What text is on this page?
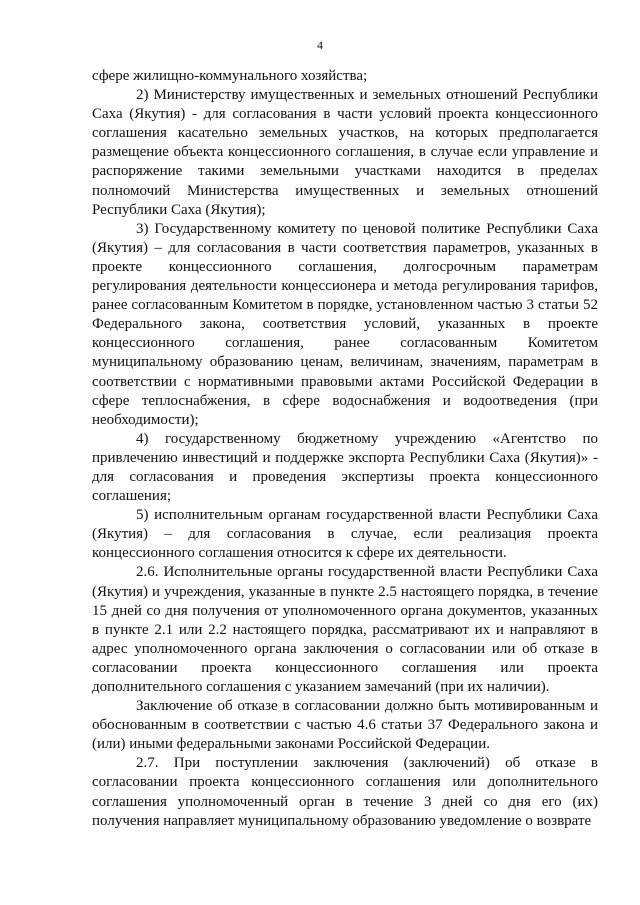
4

сфере жилищно-коммунального хозяйства;

2) Министерству имущественных и земельных отношений Республики Саха (Якутия) - для согласования в части условий проекта концессионного соглашения касательно земельных участков, на которых предполагается размещение объекта концессионного соглашения, в случае если управление и распоряжение такими земельными участками находится в пределах полномочий Министерства имущественных и земельных отношений Республики Саха (Якутия);

3) Государственному комитету по ценовой политике Республики Саха (Якутия) – для согласования в части соответствия параметров, указанных в проекте концессионного соглашения, долгосрочным параметрам регулирования деятельности концессионера и метода регулирования тарифов, ранее согласованным Комитетом в порядке, установленном частью 3 статьи 52 Федерального закона, соответствия условий, указанных в проекте концессионного соглашения, ранее согласованным Комитетом муниципальному образованию ценам, величинам, значениям, параметрам в соответствии с нормативными правовыми актами Российской Федерации в сфере теплоснабжения, в сфере водоснабжения и водоотведения (при необходимости);

4) государственному бюджетному учреждению «Агентство по привлечению инвестиций и поддержке экспорта Республики Саха (Якутия)» - для согласования и проведения экспертизы проекта концессионного соглашения;

5) исполнительным органам государственной власти Республики Саха (Якутия) – для согласования в случае, если реализация проекта концессионного соглашения относится к сфере их деятельности.

2.6. Исполнительные органы государственной власти Республики Саха (Якутия) и учреждения, указанные в пункте 2.5 настоящего порядка, в течение 15 дней со дня получения от уполномоченного органа документов, указанных в пункте 2.1 или 2.2 настоящего порядка, рассматривают их и направляют в адрес уполномоченного органа заключения о согласовании или об отказе в согласовании проекта концессионного соглашения или проекта дополнительного соглашения с указанием замечаний (при их наличии).

Заключение об отказе в согласовании должно быть мотивированным и обоснованным в соответствии с частью 4.6 статьи 37 Федерального закона и (или) иными федеральными законами Российской Федерации.

2.7. При поступлении заключения (заключений) об отказе в согласовании проекта концессионного соглашения или дополнительного соглашения уполномоченный орган в течение 3 дней со дня его (их) получения направляет муниципальному образованию уведомление о возврате
